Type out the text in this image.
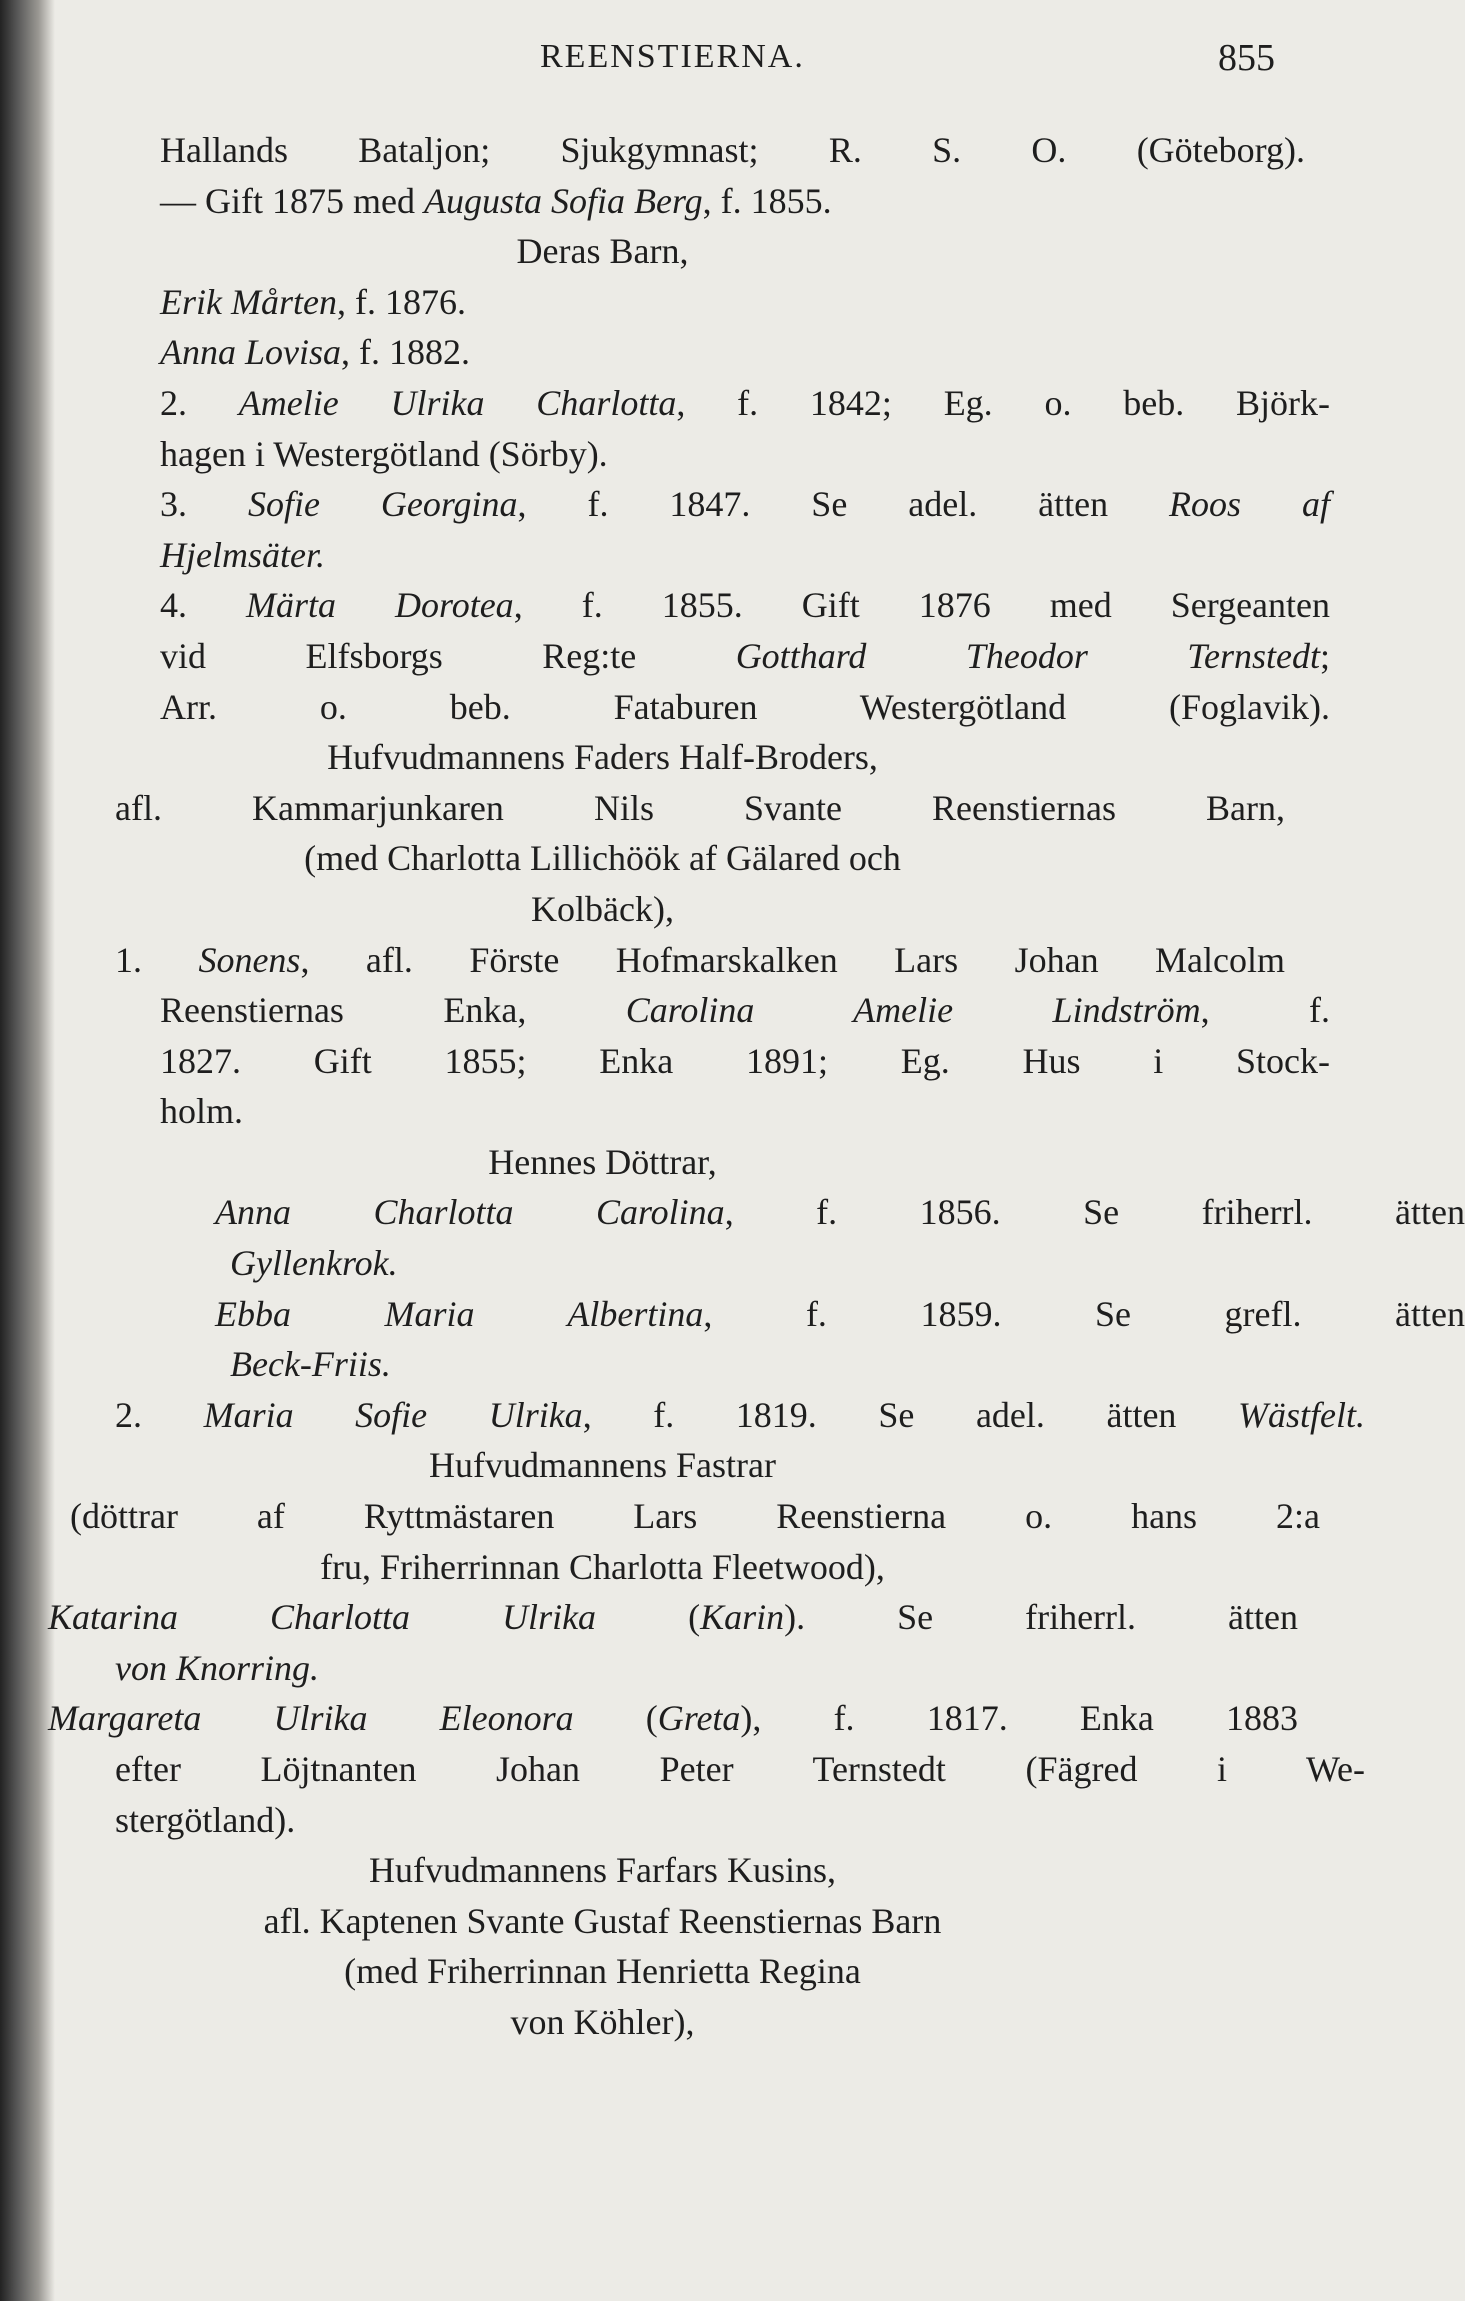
REENSTIERNA.	855
Hallands Bataljon; Sjukgymnast; R. S. O. (Göteborg).
— Gift 1875 med Augusta Sofia Berg, f. 1855.
Deras Barn,
Erik Mårten, f. 1876.
Anna Lovisa, f. 1882.
2. Amelie Ulrika Charlotta, f. 1842; Eg. o. beb. Björk-
hagen i Westergötland (Sörby).
3. Sofie Georgina, f. 1847. Se adel. ätten Roos af
Hjelmsäter.
4. Märta Dorotea, f. 1855. Gift 1876 med Sergeanten
vid Elfsborgs Reg:te Gotthard Theodor Ternstedt;
Arr. o. beb. Fataburen Westergötland (Foglavik).
Hufvudmannens Faders Half-Broders,
afl. Kammarjunkaren Nils Svante Reenstiernas Barn,
(med Charlotta Lillichöök af Gälared och
Kolbäck),
1. Sonens, afl. Förste Hofmarskalken Lars Johan Malcolm
Reenstiernas Enka, Carolina Amelie Lindström, f.
1827. Gift 1855; Enka 1891; Eg. Hus i Stock-
holm.
Hennes Döttrar,
Anna Charlotta Carolina, f. 1856. Se friherrl. ätten
Gyllenkrok.
Ebba Maria Albertina, f. 1859. Se grefl. ätten
Beck-Friis.
2. Maria Sofie Ulrika, f. 1819. Se adel. ätten Wästfelt.
Hufvudmannens Fastrar
(döttrar af Ryttmästaren Lars Reenstierna o. hans 2:a
fru, Friherrinnan Charlotta Fleetwood),
Katarina Charlotta Ulrika (Karin). Se friherrl. ätten
von Knorring.
Margareta Ulrika Eleonora (Greta), f. 1817. Enka 1883
efter Löjtnanten Johan Peter Ternstedt (Fägred i We-
stergötland).
Hufvudmannens Farfars Kusins,
afl. Kaptenen Svante Gustaf Reenstiernas Barn
(med Friherrinnan Henrietta Regina
von Köhler),
